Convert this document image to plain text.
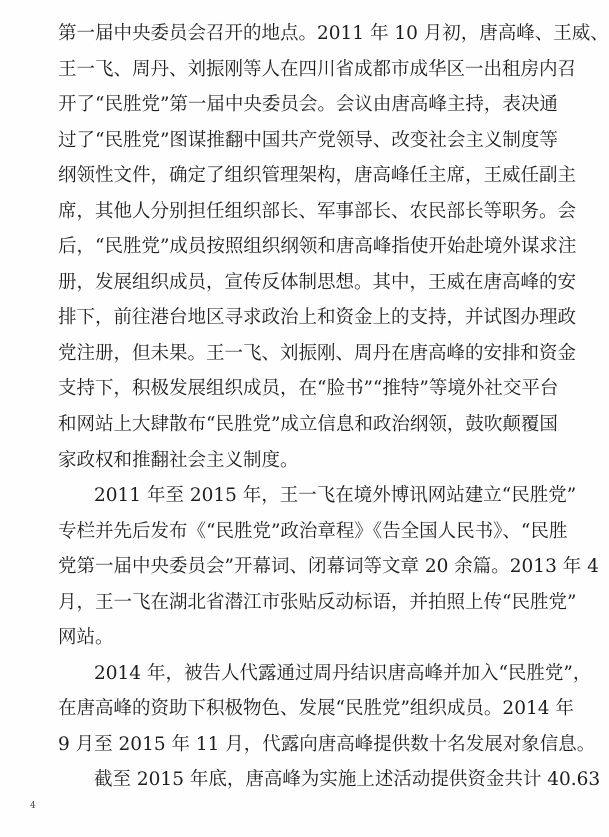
第一届中央委员会召开的地点。2011 年 10 月初，唐高峰、王威、
王一飞、周丹、刘振刚等人在四川省成都市成华区一出租房内召
开了“民胜党”第一届中央委员会。会议由唐高峰主持，表决通
过了“民胜党”图谋推翻中国共产党领导、改变社会主义制度等
纲领性文件，确定了组织管理架构，唐高峰任主席，王威任副主
席，其他人分别担任组织部长、军事部长、农民部长等职务。会
后，“民胜党”成员按照组织纲领和唐高峰指使开始赴境外谋求注
册，发展组织成员，宣传反体制思想。其中，王威在唐高峰的安
排下，前往港台地区寻求政治上和资金上的支持，并试图办理政
党注册，但未果。王一飞、刘振刚、周丹在唐高峰的安排和资金
支持下，积极发展组织成员，在“脸书”“推特”等境外社交平台
和网站上大肆散布“民胜党”成立信息和政治纲领，鼓吹颠覆国
家政权和推翻社会主义制度。
2011 年至 2015 年，王一飞在境外博讯网站建立“民胜党”
专栏并先后发布《“民胜党”政治章程》《告全国人民书》、“民胜
党第一届中央委员会”开幕词、闭幕词等文章 20 余篇。2013 年 4
月，王一飞在湖北省潜江市张贴反动标语，并拍照上传“民胜党”
网站。
2014 年，被告人代露通过周丹结识唐高峰并加入“民胜党”，
在唐高峰的资助下积极物色、发展“民胜党”组织成员。2014 年
9 月至 2015 年 11 月，代露向唐高峰提供数十名发展对象信息。
截至 2015 年底，唐高峰为实施上述活动提供资金共计 40.63
4
